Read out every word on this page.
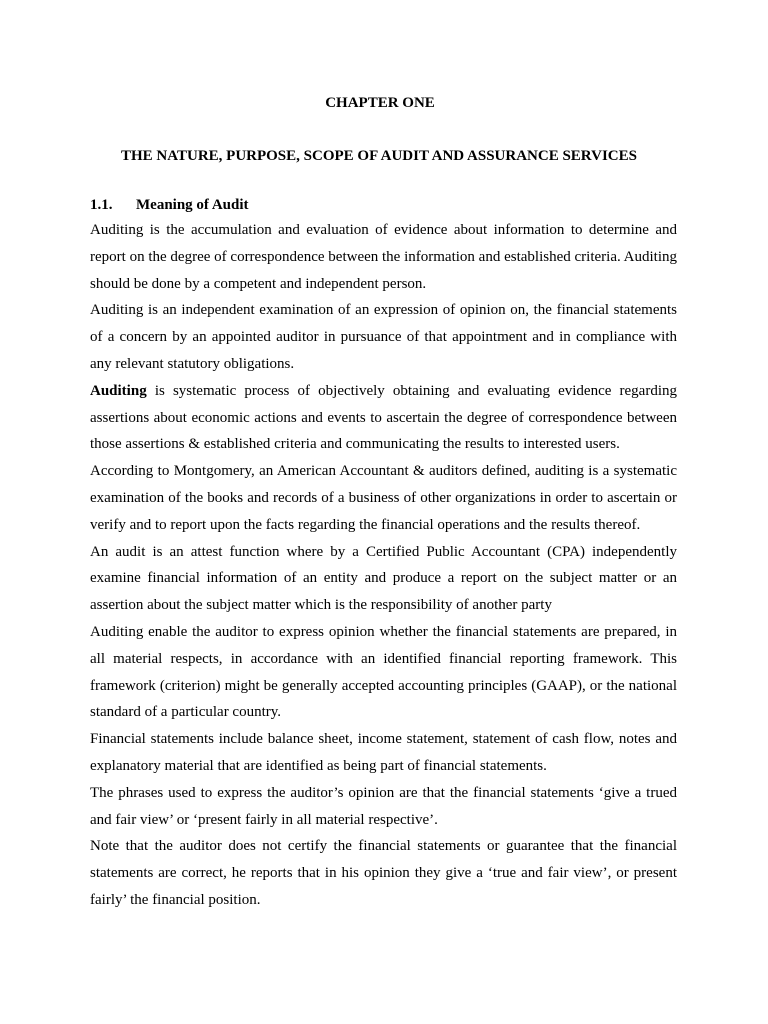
CHAPTER ONE
THE NATURE, PURPOSE, SCOPE OF AUDIT AND ASSURANCE SERVICES
1.1. Meaning of Audit

Auditing is the accumulation and evaluation of evidence about information to determine and report on the degree of correspondence between the information and established criteria. Auditing should be done by a competent and independent person.

Auditing is an independent examination of an expression of opinion on, the financial statements of a concern by an appointed auditor in pursuance of that appointment and in compliance with any relevant statutory obligations.

Auditing is systematic process of objectively obtaining and evaluating evidence regarding assertions about economic actions and events to ascertain the degree of correspondence between those assertions & established criteria and communicating the results to interested users.

According to Montgomery, an American Accountant & auditors defined, auditing is a systematic examination of the books and records of a business of other organizations in order to ascertain or verify and to report upon the facts regarding the financial operations and the results thereof.

An audit is an attest function where by a Certified Public Accountant (CPA) independently examine financial information of an entity and produce a report on the subject matter or an assertion about the subject matter which is the responsibility of another party

Auditing enable the auditor to express opinion whether the financial statements are prepared, in all material respects, in accordance with an identified financial reporting framework. This framework (criterion) might be generally accepted accounting principles (GAAP), or the national standard of a particular country.

Financial statements include balance sheet, income statement, statement of cash flow, notes and explanatory material that are identified as being part of financial statements.

The phrases used to express the auditor’s opinion are that the financial statements ‘give a trued and fair view’ or ‘present fairly in all material respective’.

Note that the auditor does not certify the financial statements or guarantee that the financial statements are correct, he reports that in his opinion they give a ‘true and fair view’, or present fairly’ the financial position.
